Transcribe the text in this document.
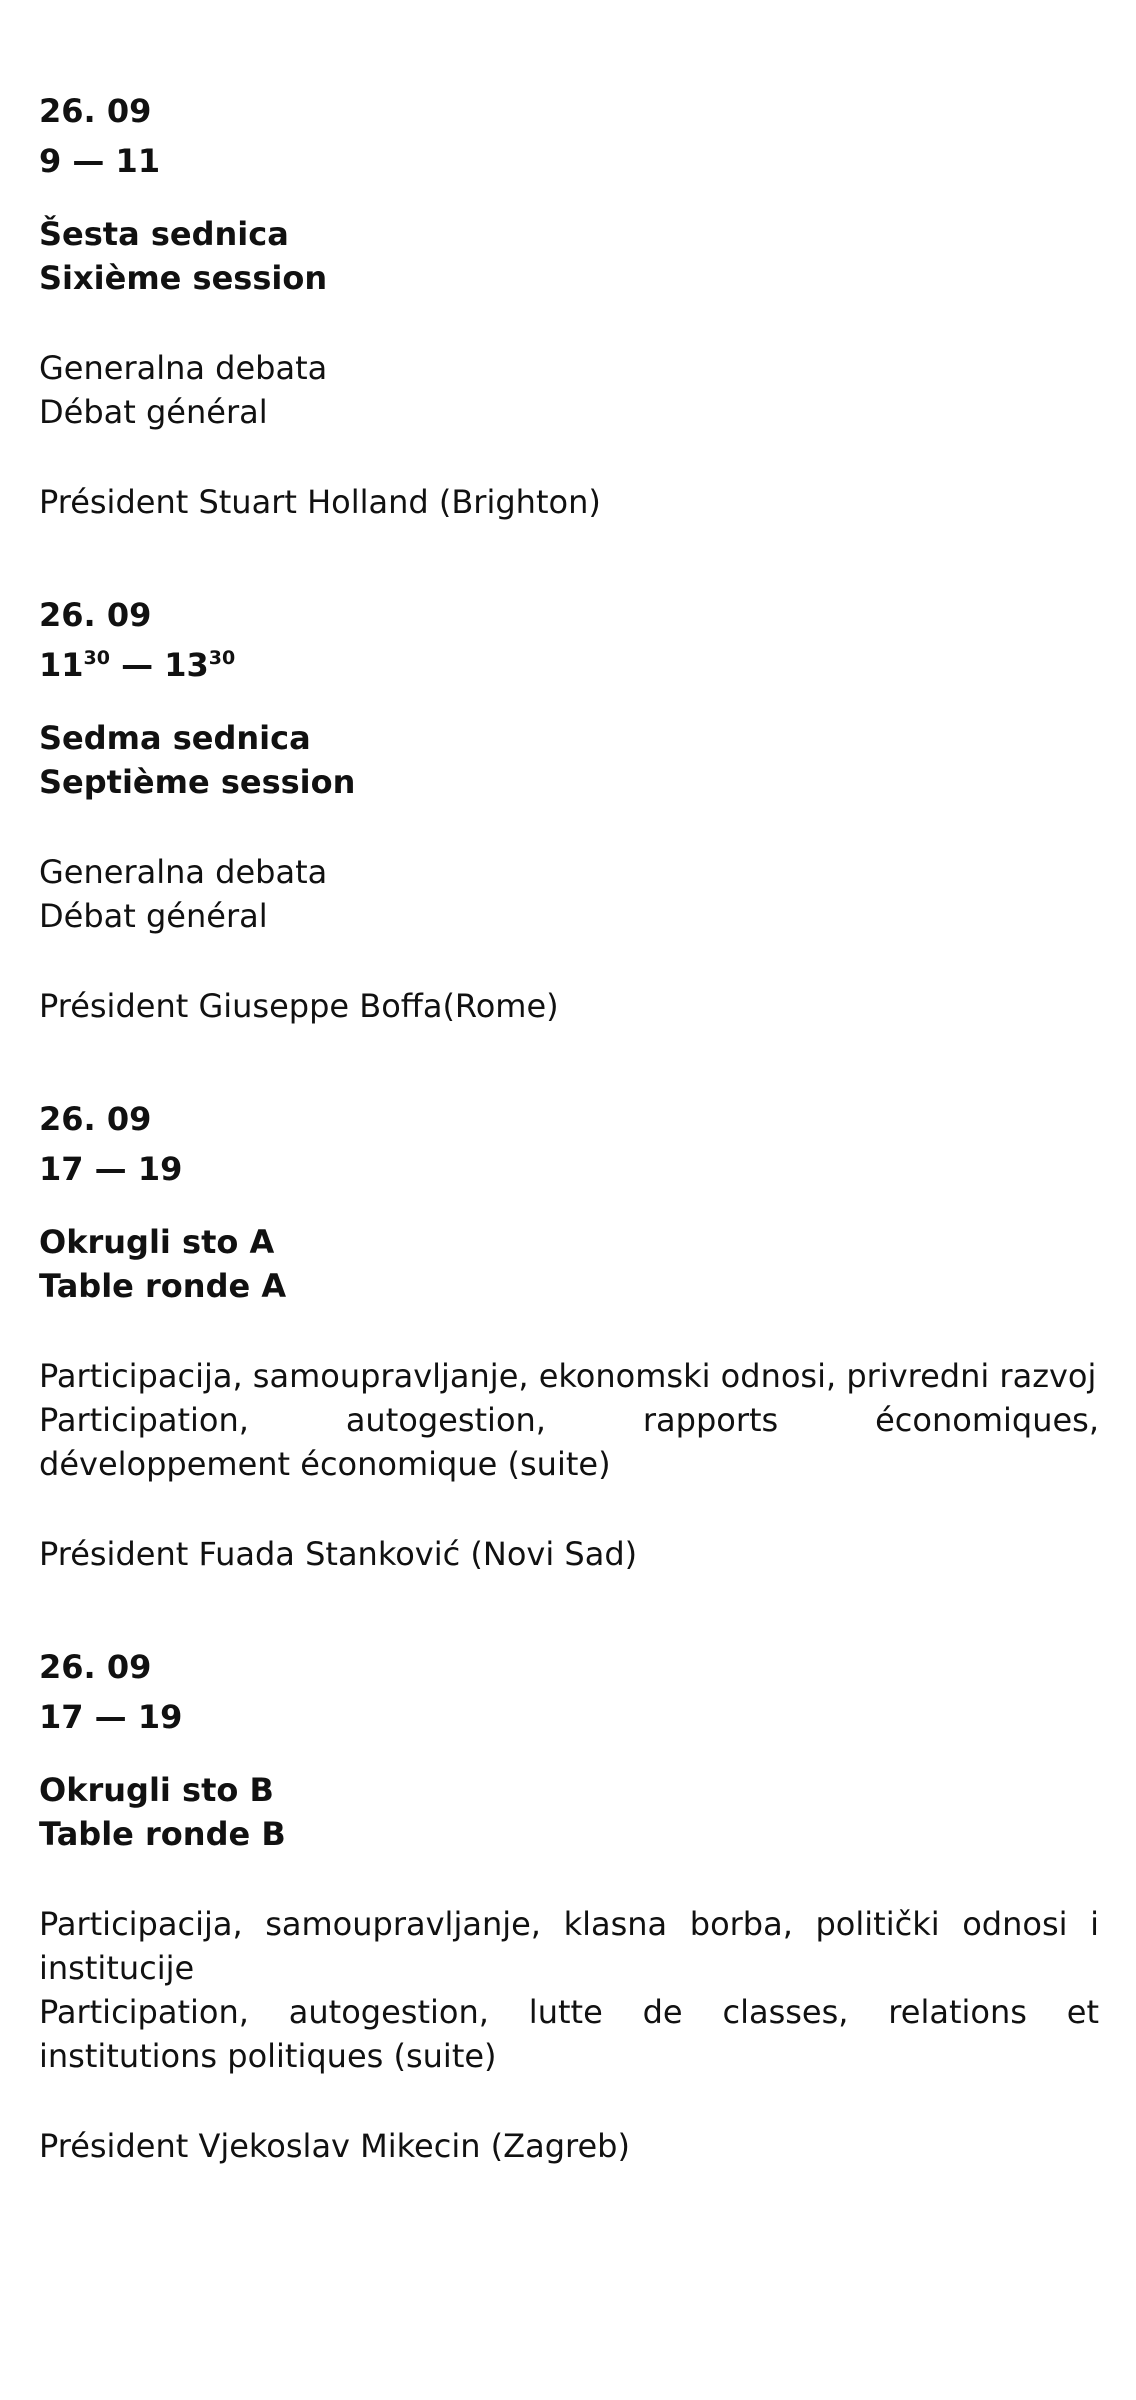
26. 09
9 — 11
Šesta sednica
Sixième session
Generalna debata
Débat général
Président Stuart Holland (Brighton)
26. 09
$11^{30}$ — $13^{30}$
Sedma sednica
Septième session
Generalna debata
Débat général
Président Giuseppe Boffa(Rome)
26. 09
17 — 19
Okrugli sto A
Table ronde A
Participacija, samoupravljanje, ekonomski odnosi, privredni razvoj
Participation, autogestion, rapports économiques, développement économique (suite)
Président Fuada Stanković (Novi Sad)
26. 09
17 — 19
Okrugli sto B
Table ronde B
Participacija, samoupravljanje, klasna borba, politički odnosi i institucije
Participation, autogestion, lutte de classes, relations et institutions politiques (suite)
Président Vjekoslav Mikecin (Zagreb)
